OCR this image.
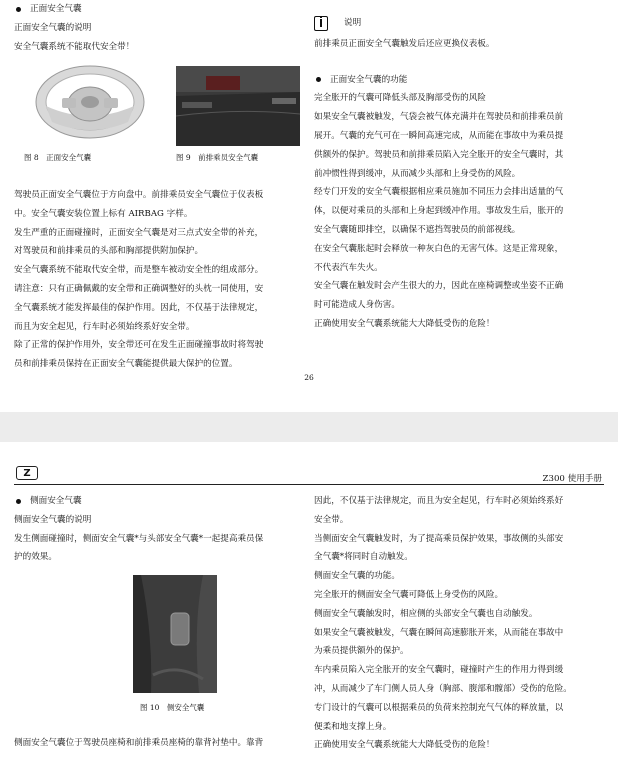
正面安全气囊

正面安全气囊的说明

安全气囊系统不能取代安全带！

图 8　正面安全气囊	图 9　前排乘员安全气囊

驾驶员正面安全气囊位于方向盘中。前排乘员安全气囊位于仪表板

中。安全气囊安装位置上标有 AIRBAG 字样。

发生严重的正面碰撞时，正面安全气囊是对三点式安全带的补充，

对驾驶员和前排乘员的头部和胸部提供附加保护。

安全气囊系统不能取代安全带，而是整车被动安全性的组成部分。

请注意：只有正确佩戴的安全带和正确调整好的头枕一同使用，安

全气囊系统才能发挥最佳的保护作用。因此，不仅基于法律规定，

而且为安全起见，行车时必须始终系好安全带。

除了正常的保护作用外，安全带还可在发生正面碰撞事故时将驾驶

员和前排乘员保持在正面安全气囊能提供最大保护的位置。

说明

前排乘员正面安全气囊触发后还应更换仪表板。

正面安全气囊的功能

完全胀开的气囊可降低头部及胸部受伤的风险

如果安全气囊被触发，气袋会被气体充满并在驾驶员和前排乘员前

展开。气囊的充气可在一瞬间高速完成，从而能在事故中为乘员提

供额外的保护。驾驶员和前排乘员陷入完全胀开的安全气囊时，其

前冲惯性得到缓冲，从而减少头部和上身受伤的风险。

经专门开发的安全气囊根据相应乘员施加不同压力会排出适量的气

体，以便对乘员的头部和上身起到缓冲作用。事故发生后，胀开的

安全气囊随即排空，以确保不遮挡驾驶员的前部视线。

在安全气囊胀起时会释放一种灰白色的无害气体。这是正常现象，

不代表汽车失火。

安全气囊在触发时会产生很大的力，因此在座椅调整或坐姿不正确

时可能造成人身伤害。

正确使用安全气囊系统能大大降低受伤的危险！

26
Z
Z300 使用手册
侧面安全气囊

侧面安全气囊的说明

发生侧面碰撞时，侧面安全气囊*与头部安全气囊*一起提高乘员保

护的效果。

图 10　侧安全气囊

侧面安全气囊位于驾驶员座椅和前排乘员座椅的靠背衬垫中。靠背

因此，不仅基于法律规定，而且为安全起见，行车时必须始终系好

安全带。

当侧面安全气囊触发时，为了提高乘员保护效果，事故侧的头部安

全气囊*将同时自动触发。

侧面安全气囊的功能。

完全胀开的侧面安全气囊可降低上身受伤的风险。

侧面安全气囊触发时，相应侧的头部安全气囊也自动触发。

如果安全气囊被触发，气囊在瞬间高速膨胀开来，从而能在事故中

为乘员提供额外的保护。

车内乘员陷入完全胀开的安全气囊时，碰撞时产生的作用力得到缓

冲，从而减少了车门侧人员人身（胸部、腹部和髋部）受伤的危险。

专门设计的气囊可以根据乘员的负荷来控制充气气体的释放量，以

便柔和地支撑上身。

正确使用安全气囊系统能大大降低受伤的危险！
